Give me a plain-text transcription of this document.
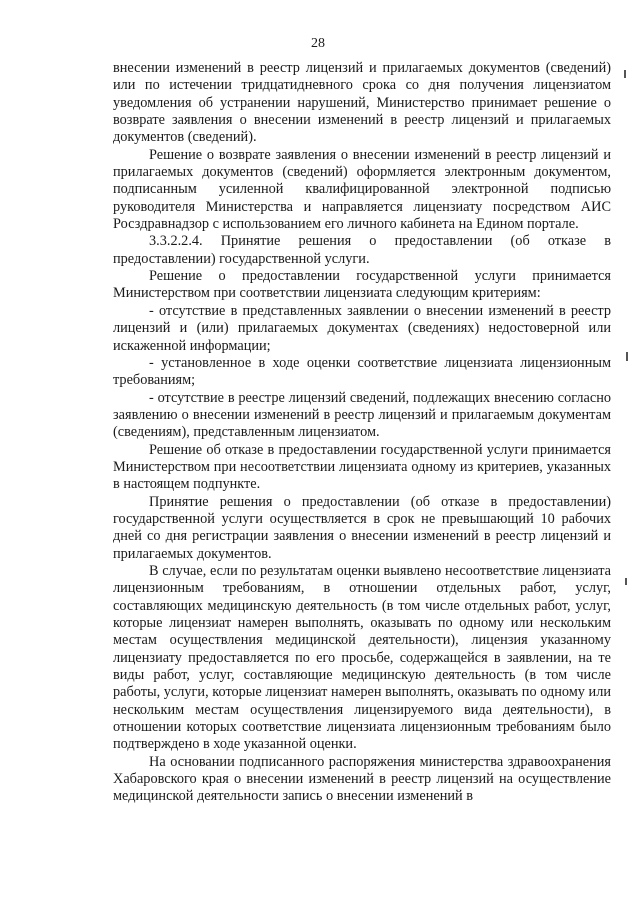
28

внесении изменений в реестр лицензий и прилагаемых документов (сведений) или по истечении тридцатидневного срока со дня получения лицензиатом уведомления об устранении нарушений, Министерство принимает решение о возврате заявления о внесении изменений в реестр лицензий и прилагаемых документов (сведений).

Решение о возврате заявления о внесении изменений в реестр лицензий и прилагаемых документов (сведений) оформляется электронным документом, подписанным усиленной квалифицированной электронной подписью руководителя Министерства и направляется лицензиату посредством АИС Росздравнадзор с использованием его личного кабинета на Едином портале.

3.3.2.2.4. Принятие решения о предоставлении (об отказе в предоставлении) государственной услуги.

Решение о предоставлении государственной услуги принимается Министерством при соответствии лицензиата следующим критериям:

- отсутствие в представленных заявлении о внесении изменений в реестр лицензий и (или) прилагаемых документах (сведениях) недостоверной или искаженной информации;

- установленное в ходе оценки соответствие лицензиата лицензионным требованиям;

- отсутствие в реестре лицензий сведений, подлежащих внесению согласно заявлению о внесении изменений в реестр лицензий и прилагаемым документам (сведениям), представленным лицензиатом.

Решение об отказе в предоставлении государственной услуги принимается Министерством при несоответствии лицензиата одному из критериев, указанных в настоящем подпункте.

Принятие решения о предоставлении (об отказе в предоставлении) государственной услуги осуществляется в срок не превышающий 10 рабочих дней со дня регистрации заявления о внесении изменений в реестр лицензий и прилагаемых документов.

В случае, если по результатам оценки выявлено несоответствие лицензиата лицензионным требованиям, в отношении отдельных работ, услуг, составляющих медицинскую деятельность (в том числе отдельных работ, услуг, которые лицензиат намерен выполнять, оказывать по одному или нескольким местам осуществления медицинской деятельности), лицензия указанному лицензиату предоставляется по его просьбе, содержащейся в заявлении, на те виды работ, услуг, составляющие медицинскую деятельность (в том числе работы, услуги, которые лицензиат намерен выполнять, оказывать по одному или нескольким местам осуществления лицензируемого вида деятельности), в отношении которых соответствие лицензиата лицензионным требованиям было подтверждено в ходе указанной оценки.

На основании подписанного распоряжения министерства здравоохранения Хабаровского края о внесении изменений в реестр лицензий на осуществление медицинской деятельности запись о внесении изменений в
